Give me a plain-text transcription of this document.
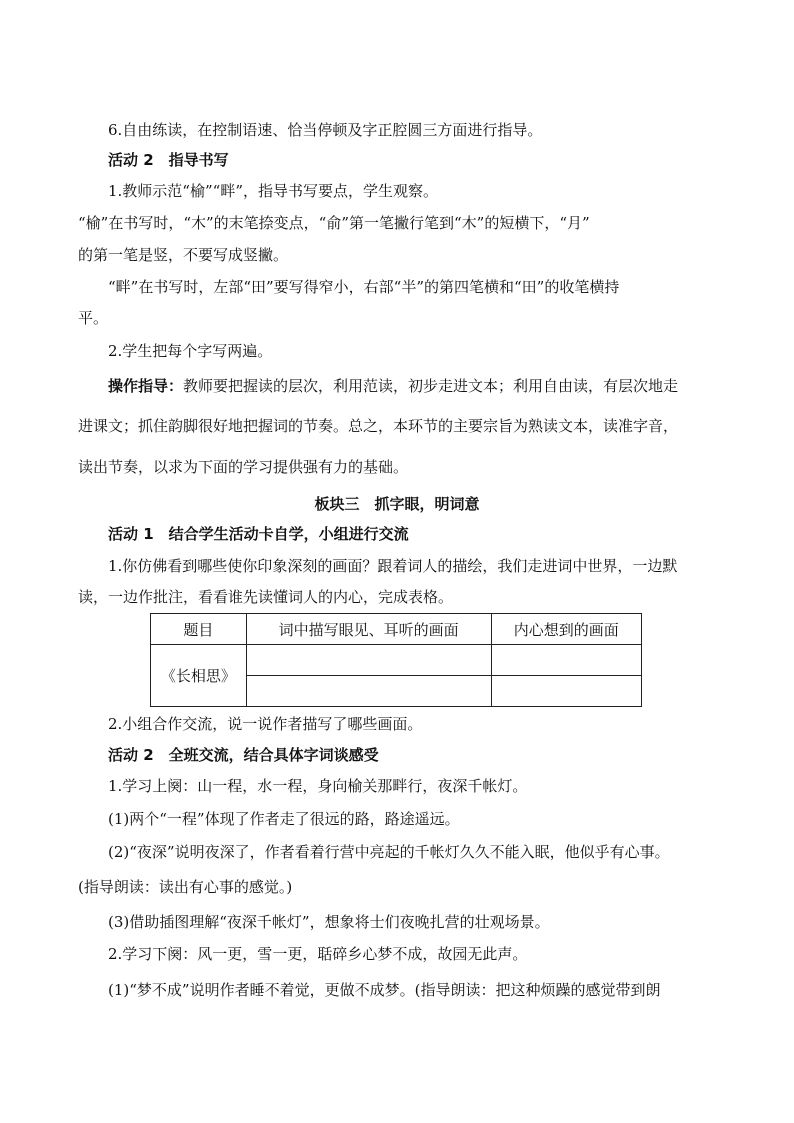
6.自由练读，在控制语速、恰当停顿及字正腔圆三方面进行指导。
活动 2　指导书写
1.教师示范“榆”“畔”，指导书写要点，学生观察。
“榆”在书写时，“木”的末笔捺变点，“俞”第一笔撇行笔到“木”的短横下，“月”
的第一笔是竖，不要写成竖撇。
“畔”在书写时，左部“田”要写得窄小，右部“半”的第四笔横和“田”的收笔横持
平。
2.学生把每个字写两遍。
操作指导：教师要把握读的层次，利用范读，初步走进文本；利用自由读，有层次地走
进课文；抓住韵脚很好地把握词的节奏。总之，本环节的主要宗旨为熟读文本，读准字音，
读出节奏，以求为下面的学习提供强有力的基础。
板块三　抓字眼，明词意
活动 1　结合学生活动卡自学，小组进行交流
1.你仿佛看到哪些使你印象深刻的画面？跟着词人的描绘，我们走进词中世界，一边默
读，一边作批注，看看谁先读懂词人的内心，完成表格。
题目	词中描写眼见、耳听的画面	内心想到的画面
《长相思》		

2.小组合作交流，说一说作者描写了哪些画面。
活动 2　全班交流，结合具体字词谈感受
1.学习上阕：山一程，水一程，身向榆关那畔行，夜深千帐灯。
(1)两个“一程”体现了作者走了很远的路，路途遥远。
(2)“夜深”说明夜深了，作者看着行营中亮起的千帐灯久久不能入眠，他似乎有心事。
(指导朗读：读出有心事的感觉。)
(3)借助插图理解“夜深千帐灯”，想象将士们夜晚扎营的壮观场景。
2.学习下阕：风一更，雪一更，聒碎乡心梦不成，故园无此声。
(1)“梦不成”说明作者睡不着觉，更做不成梦。(指导朗读：把这种烦躁的感觉带到朗
